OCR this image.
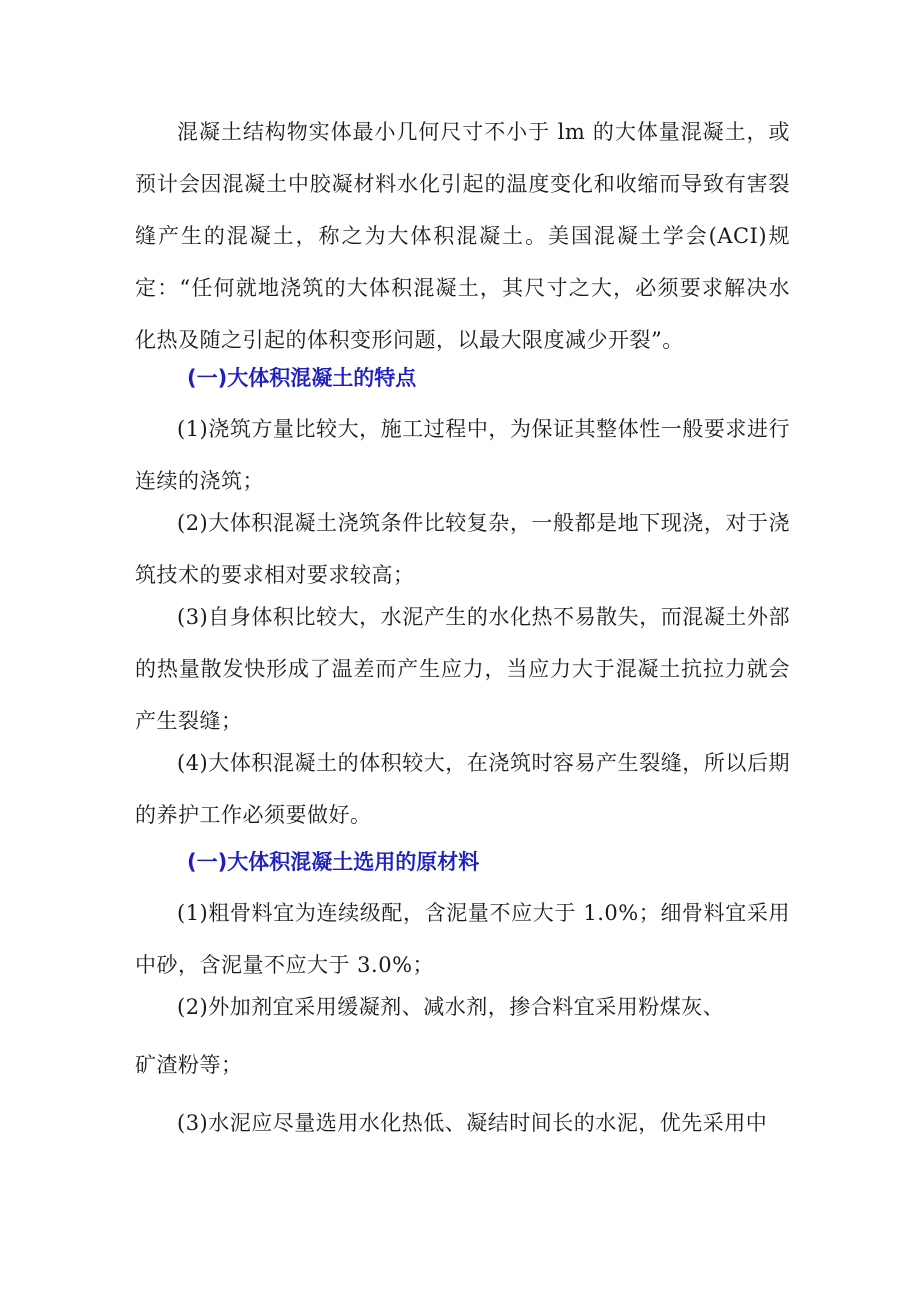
混凝土结构物实体最小几何尺寸不小于 lm 的大体量混凝土，或预计会因混凝土中胶凝材料水化引起的温度变化和收缩而导致有害裂缝产生的混凝土，称之为大体积混凝土。美国混凝土学会(ACI)规定：“任何就地浇筑的大体积混凝土，其尺寸之大，必须要求解决水化热及随之引起的体积变形问题，以最大限度减少开裂”。

(一)大体积混凝土的特点

(1)浇筑方量比较大，施工过程中，为保证其整体性一般要求进行连续的浇筑；

(2)大体积混凝土浇筑条件比较复杂，一般都是地下现浇，对于浇筑技术的要求相对要求较高；

(3)自身体积比较大，水泥产生的水化热不易散失，而混凝土外部的热量散发快形成了温差而产生应力，当应力大于混凝土抗拉力就会产生裂缝；

(4)大体积混凝土的体积较大，在浇筑时容易产生裂缝，所以后期的养护工作必须要做好。

(一)大体积混凝土选用的原材料

(1)粗骨料宜为连续级配，含泥量不应大于 1.0%；细骨料宜采用中砂，含泥量不应大于 3.0%；

(2)外加剂宜采用缓凝剂、减水剂，掺合料宜采用粉煤灰、

矿渣粉等；

(3)水泥应尽量选用水化热低、凝结时间长的水泥，优先采用中
